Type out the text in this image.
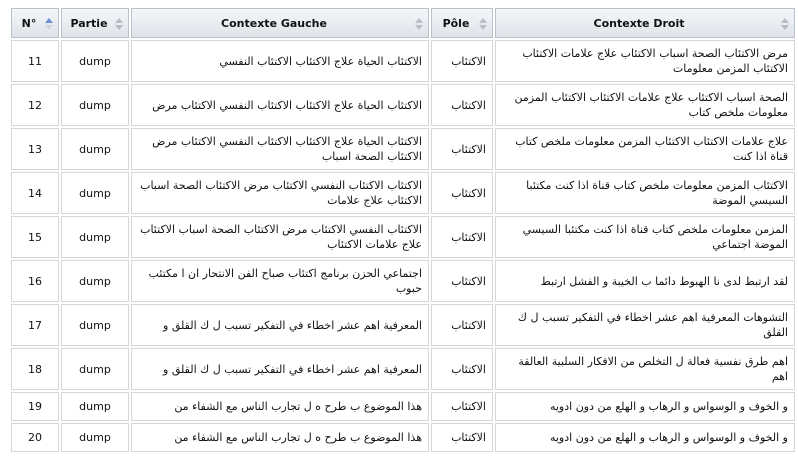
N°	Partie	Contexte Gauche	Pôle	Contexte Droit

11	dump	الاكتئاب الحياة علاج الاكتئاب الاكتئاب النفسي	الاكتئاب	مرض الاكتئاب الصحة اسباب الاكتئاب علاج علامات الاكتئاب الاكتئاب المزمن معلومات
12	dump	الاكتئاب الحياة علاج الاكتئاب الاكتئاب النفسي الاكتئاب مرض	الاكتئاب	الصحة اسباب الاكتئاب علاج علامات الاكتئاب الاكتئاب المزمن معلومات ملخص كتاب
13	dump	الاكتئاب الحياة علاج الاكتئاب الاكتئاب النفسي الاكتئاب مرض الاكتئاب الصحة اسباب	الاكتئاب	علاج علامات الاكتئاب الاكتئاب المزمن معلومات ملخص كتاب قناة اذا كنت
14	dump	الاكتئاب الاكتئاب النفسي الاكتئاب مرض الاكتئاب الصحة اسباب الاكتئاب علاج علامات	الاكتئاب	الاكتئاب المزمن معلومات ملخص كتاب قناة اذا كنت مكتئبا السيسي الموضة
15	dump	الاكتئاب النفسي الاكتئاب مرض الاكتئاب الصحة اسباب الاكتئاب علاج علامات الاكتئاب	الاكتئاب	المزمن معلومات ملخص كتاب قناة اذا كنت مكتئبا السيسي الموضة اجتماعي
16	dump	اجتماعي الحزن برنامج اكتئاب صباح الفن الانتحار ان ا مكتئب حبوب	الاكتئاب	لقد ارتبط لدى نا الهبوط دائما ب الخيبة و الفشل ارتبط
17	dump	المعرفية اهم عشر اخطاء في التفكير تسبب ل ك القلق و	الاكتئاب	التشوهات المعرفية اهم عشر اخطاء في التفكير تسبب ل ك القلق
18	dump	المعرفية اهم عشر اخطاء في التفكير تسبب ل ك القلق و	الاكتئاب	اهم طرق نفسية فعالة ل التخلص من الافكار السلبية العالقة اهم
19	dump	هذا الموضوع ب طرح ه ل تجارب الناس مع الشفاء من	الاكتئاب	و الخوف و الوسواس و الرهاب و الهلع من دون ادويه
20	dump	هذا الموضوع ب طرح ه ل تجارب الناس مع الشفاء من	الاكتئاب	و الخوف و الوسواس و الرهاب و الهلع من دون ادويه
